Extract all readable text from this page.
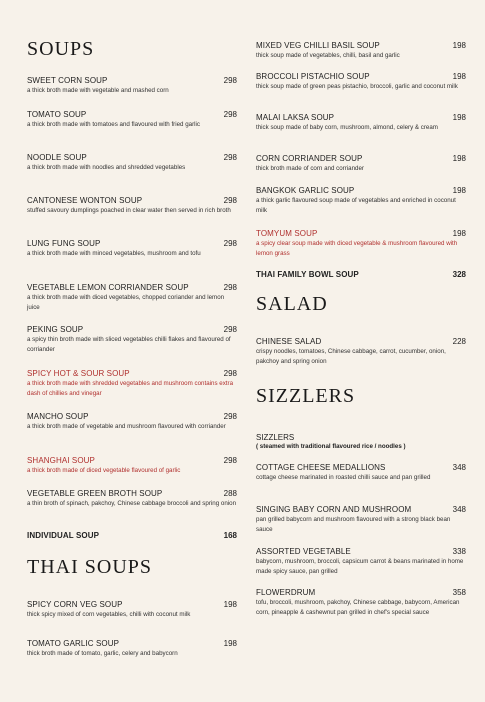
SOUPS
SWEET CORN SOUP	298
a thick broth made with vegetable and mashed corn
TOMATO SOUP	298
a thick broth made with tomatoes and flavoured with fried garlic
NOODLE SOUP	298
a thick broth made with noodles and shredded vegetables
CANTONESE WONTON SOUP	298
stuffed savoury dumplings poached in clear water then served in rich broth
LUNG FUNG SOUP	298
a thick broth made with minced vegetables, mushroom and tofu
VEGETABLE LEMON CORRIANDER SOUP	298
a thick broth made with diced vegetables, chopped coriander and lemon juice
PEKING SOUP	298
a spicy thin broth made with sliced vegetables chilli flakes and flavoured of corriander
SPICY HOT & SOUR SOUP	298
a thick broth made with shredded vegetables and mushroom contains extra dash of chillies and vinegar
MANCHO SOUP	298
a thick broth made of vegetable and mushroom flavoured with corriander
SHANGHAI SOUP	298
a thick broth made of diced vegetable flavoured of garlic
VEGETABLE GREEN BROTH SOUP	288
a thin broth of spinach, pakchoy, Chinese cabbage broccoli and spring onion
INDIVIDUAL SOUP	168
THAI SOUPS
SPICY CORN VEG SOUP	198
thick spicy mixed of corn vegetables, chilli with coconut milk
TOMATO GARLIC SOUP	198
thick broth made of tomato, garlic, celery and babycorn
MIXED VEG CHILLI BASIL SOUP	198
thick soup made of vegetables, chilli, basil and garlic
BROCCOLI PISTACHIO SOUP	198
thick soup made of green peas pistachio, broccoli, garlic and coconut milk
MALAI LAKSA SOUP	198
thick soup made of baby corn, mushroom, almond, celery & cream
CORN CORRIANDER SOUP	198
thick broth made of corn and corriander
BANGKOK GARLIC SOUP	198
a thick garlic flavoured soup made of vegetables and enriched in coconut milk
TOMYUM SOUP	198
a spicy clear soup made with diced vegetable & mushroom flavoured with lemon grass
THAI FAMILY BOWL SOUP	328
SALAD
CHINESE SALAD	228
crispy noodles, tomatoes, Chinese cabbage, carrot, cucumber, onion, pakchoy and spring onion
SIZZLERS
SIZZLERS
( steamed with traditional flavoured rice / noodles )
COTTAGE CHEESE MEDALLIONS	348
cottage cheese marinated in roasted chilli sauce and pan grilled
SINGING BABY CORN AND MUSHROOM	348
pan grilled babycorn and mushroom flavoured with a strong black bean sauce
ASSORTED VEGETABLE	338
babycorn, mushroom, broccoli, capsicum carrot & beans marinated in home made spicy sauce, pan grilled
FLOWERDRUM	358
tofu, broccoli, mushroom, pakchoy, Chinese cabbage, babycorn, American corn, pineapple & cashewnut pan grilled in chef's special sauce
